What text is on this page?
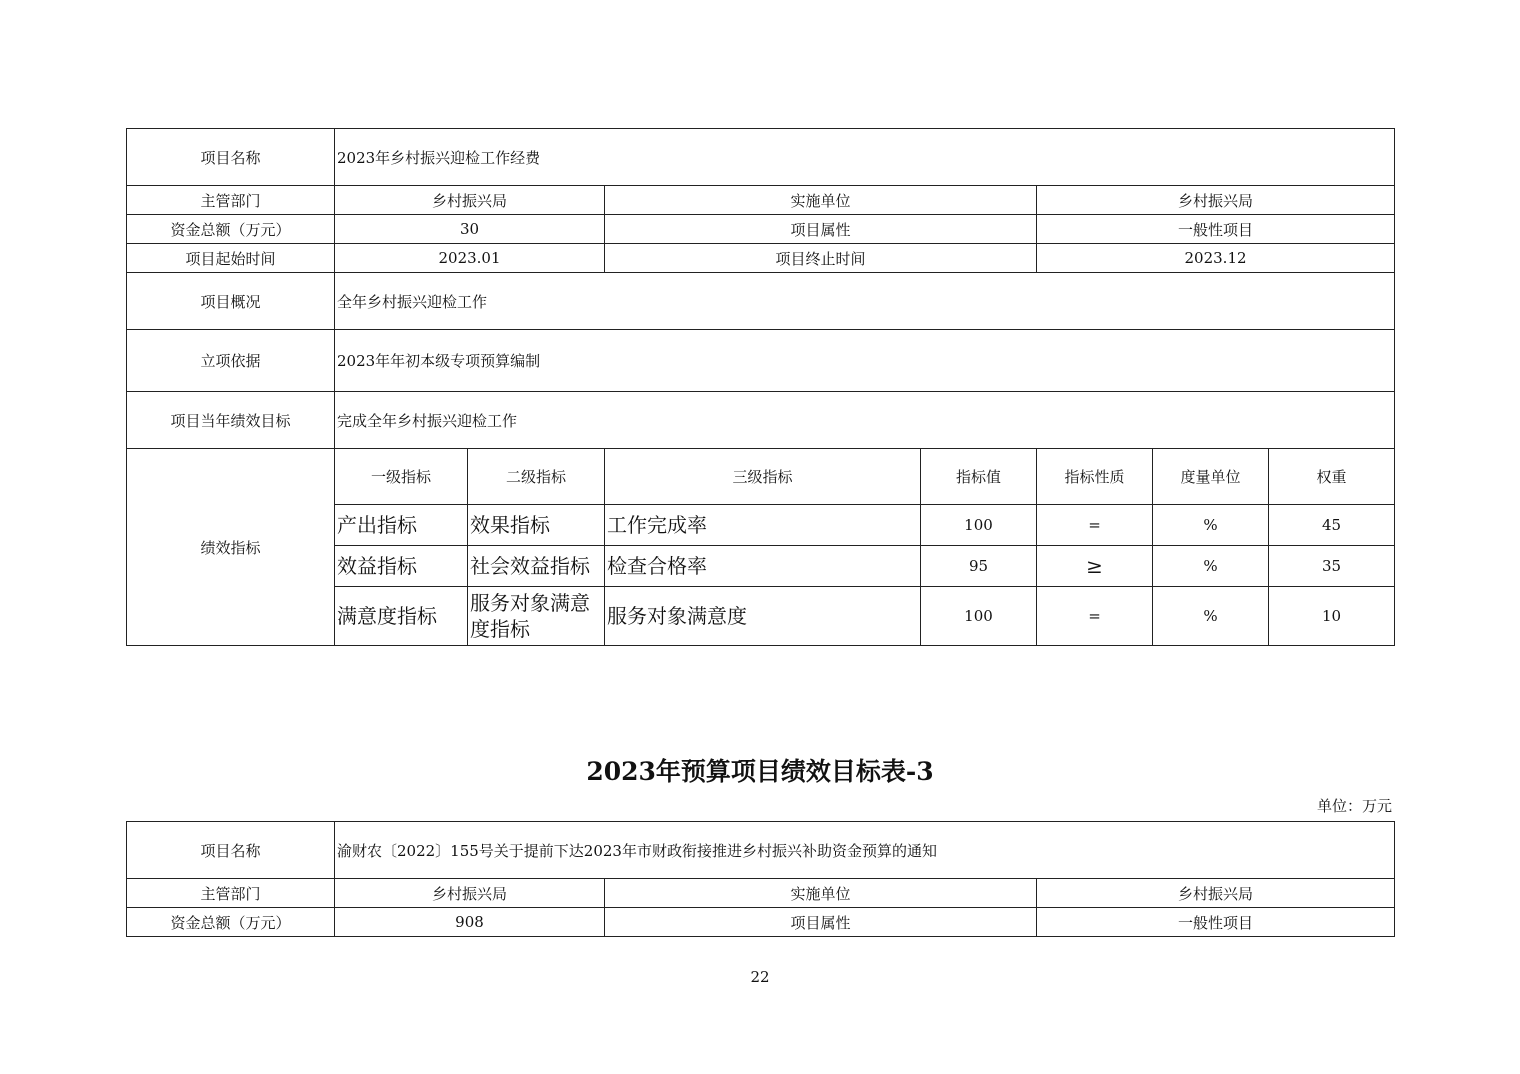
项目名称	2023年乡村振兴迎检工作经费						
主管部门	乡村振兴局		实施单位		乡村振兴局		
资金总额（万元）	30		项目属性		一般性项目		
项目起始时间	2023.01		项目终止时间		2023.12		
项目概况	全年乡村振兴迎检工作						
立项依据	2023年年初本级专项预算编制						
项目当年绩效目标	完成全年乡村振兴迎检工作						
绩效指标	一级指标	二级指标	三级指标	指标值	指标性质	度量单位	权重
	产出指标	效果指标	工作完成率	100	=	%	45
	效益指标	社会效益指标	检查合格率	95	≥	%	35
	满意度指标	服务对象满意度指标	服务对象满意度	100	=	%	10
2023年预算项目绩效目标表-3
单位：万元
项目名称	渝财农〔2022〕155号关于提前下达2023年市财政衔接推进乡村振兴补助资金预算的通知		
主管部门	乡村振兴局	实施单位	乡村振兴局
资金总额（万元）	908	项目属性	一般性项目
22
